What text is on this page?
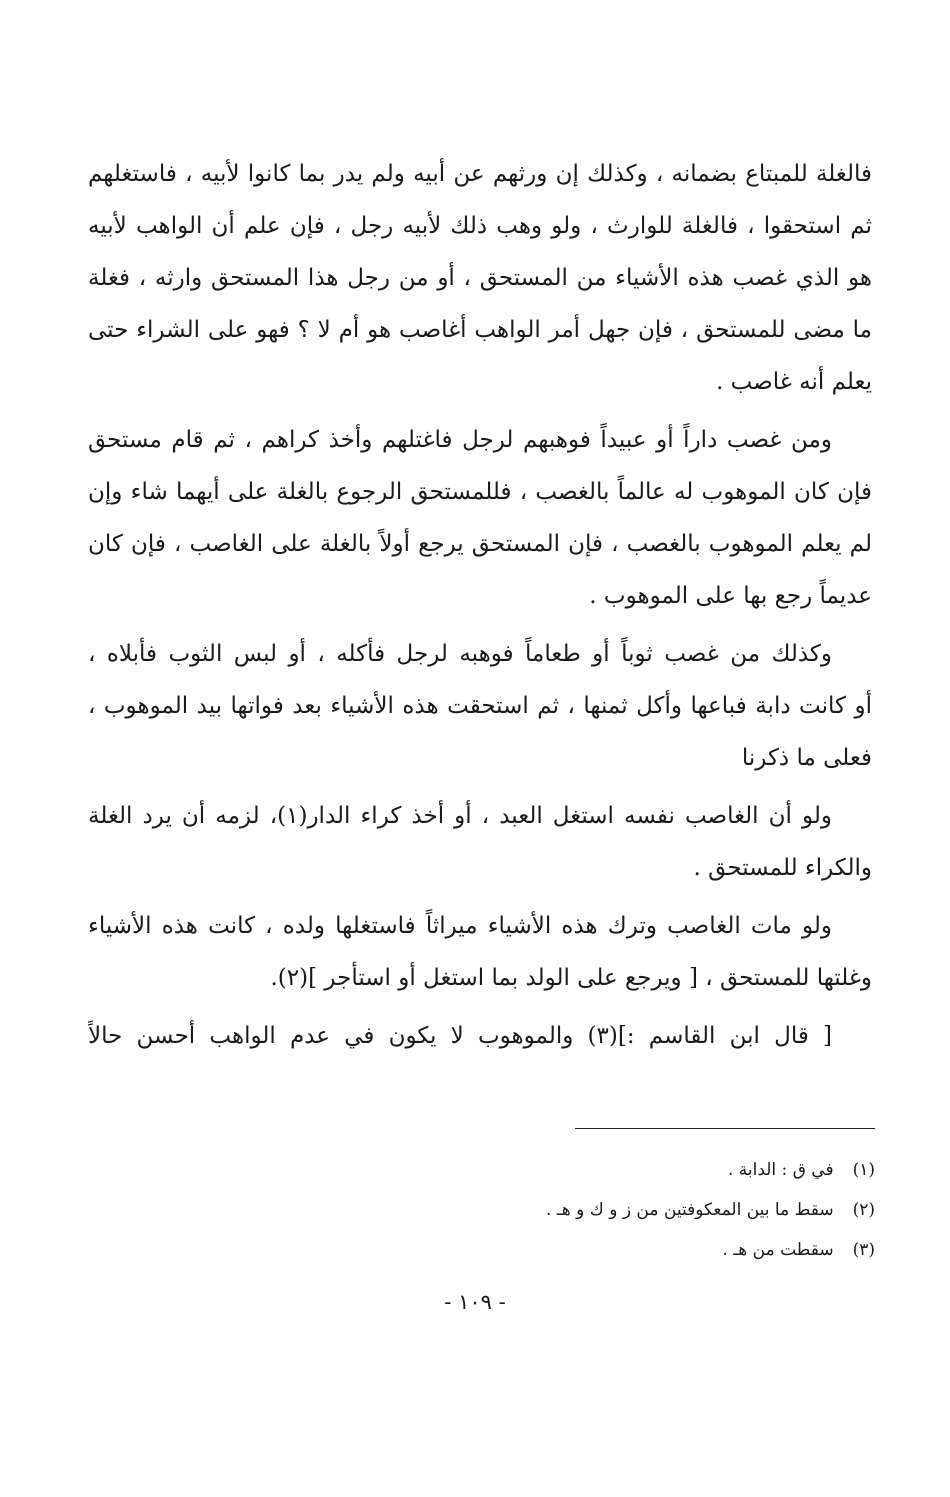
فالغلة للمبتاع بضمانه ، وكذلك إن ورثهم عن أبيه ولم يدر بما كانوا لأبيه ، فاستغلهم
ثم استحقوا ، فالغلة للوارث ، ولو وهب ذلك لأبيه رجل ، فإن علم أن الواهب لأبيه
هو الذي غصب هذه الأشياء من المستحق ، أو من رجل هذا المستحق وارثه ، فغلة
ما مضى للمستحق ، فإن جهل أمر الواهب أغاصب هو أم لا ؟ فهو على الشراء حتى
يعلم أنه غاصب .

ومن غصب داراً أو عبيداً فوهبهم لرجل فاغتلهم وأخذ كراهم ، ثم قام مستحق
فإن كان الموهوب له عالماً بالغصب ، فللمستحق الرجوع بالغلة على أيهما شاء وإن
لم يعلم الموهوب بالغصب ، فإن المستحق يرجع أولاً بالغلة على الغاصب ، فإن كان
عديماً رجع بها على الموهوب .

وكذلك من غصب ثوباً أو طعاماً فوهبه لرجل فأكله ، أو لبس الثوب فأبلاه ،
أو كانت دابة فباعها وأكل ثمنها ، ثم استحقت هذه الأشياء بعد فواتها بيد الموهوب ،
فعلى ما ذكرنا

ولو أن الغاصب نفسه استغل العبد ، أو أخذ كراء الدار(١)، لزمه أن يرد الغلة
والكراء للمستحق .

ولو مات الغاصب وترك هذه الأشياء ميراثاً فاستغلها ولده ، كانت هذه الأشياء
وغلتها للمستحق ، [ ويرجع على الولد بما استغل أو استأجر ](٢).

[ قال ابن القاسم :](٣) والموهوب لا يكون في عدم الواهب أحسن حالاً

(١) في ق : الدابة .
(٢) سقط ما بين المعكوفتين من ز و ك و هـ .
(٣) سقطت من هـ .
- ١٠٩ -
